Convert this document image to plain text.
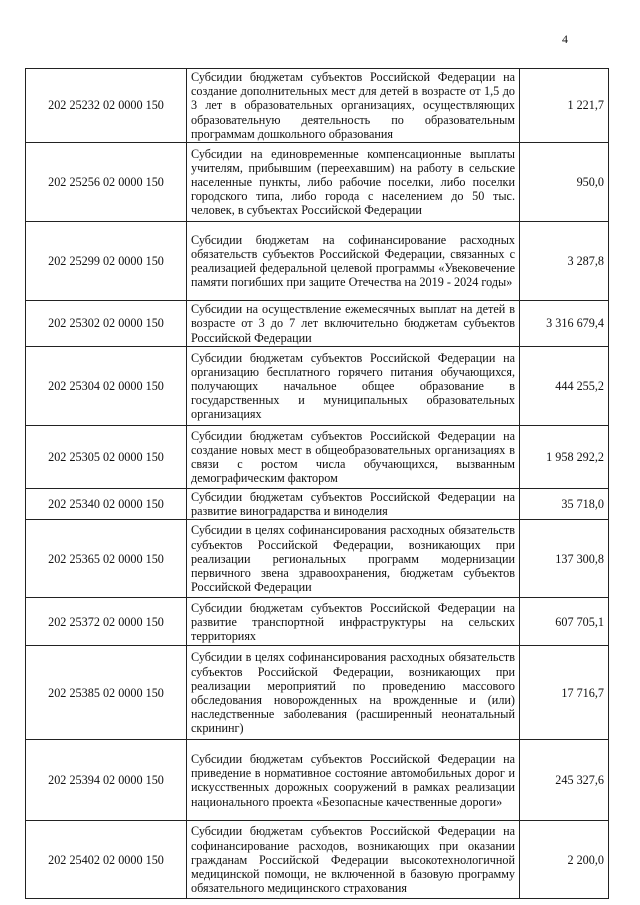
4
202 25232 02 0000 150	Субсидии бюджетам субъектов Российской Федерации на создание дополнительных мест для детей в возрасте от 1,5 до 3 лет в образовательных организациях, осуществляющих образовательную деятельность по образовательным программам дошкольного образования	1 221,7
202 25256 02 0000 150	Субсидии на единовременные компенсационные выплаты учителям, прибывшим (переехавшим) на работу в сельские населенные пункты, либо рабочие поселки, либо поселки городского типа, либо города с населением до 50 тыс. человек, в субъектах Российской Федерации	950,0
202 25299 02 0000 150	Субсидии бюджетам на софинансирование расходных обязательств субъектов Российской Федерации, связанных с реализацией федеральной целевой программы «Увековечение памяти погибших при защите Отечества на 2019 - 2024 годы»	3 287,8
202 25302 02 0000 150	Субсидии на осуществление ежемесячных выплат на детей в возрасте от 3 до 7 лет включительно бюджетам субъектов Российской Федерации	3 316 679,4
202 25304 02 0000 150	Субсидии бюджетам субъектов Российской Федерации на организацию бесплатного горячего питания обучающихся, получающих начальное общее образование в государственных и муниципальных образовательных организациях	444 255,2
202 25305 02 0000 150	Субсидии бюджетам субъектов Российской Федерации на создание новых мест в общеобразовательных организациях в связи с ростом числа обучающихся, вызванным демографическим фактором	1 958 292,2
202 25340 02 0000 150	Субсидии бюджетам субъектов Российской Федерации на развитие виноградарства и виноделия	35 718,0
202 25365 02 0000 150	Субсидии в целях софинансирования расходных обязательств субъектов Российской Федерации, возникающих при реализации региональных программ модернизации первичного звена здравоохранения, бюджетам субъектов Российской Федерации	137 300,8
202 25372 02 0000 150	Субсидии бюджетам субъектов Российской Федерации на развитие транспортной инфраструктуры на сельских территориях	607 705,1
202 25385 02 0000 150	Субсидии в целях софинансирования расходных обязательств субъектов Российской Федерации, возникающих при реализации мероприятий по проведению массового обследования новорожденных на врожденные и (или) наследственные заболевания (расширенный неонатальный скрининг)	17 716,7
202 25394 02 0000 150	Субсидии бюджетам субъектов Российской Федерации на приведение в нормативное состояние автомобильных дорог и искусственных дорожных сооружений в рамках реализации национального проекта «Безопасные качественные дороги»	245 327,6
202 25402 02 0000 150	Субсидии бюджетам субъектов Российской Федерации на софинансирование расходов, возникающих при оказании гражданам Российской Федерации высокотехнологичной медицинской помощи, не включенной в базовую программу обязательного медицинского страхования	2 200,0
